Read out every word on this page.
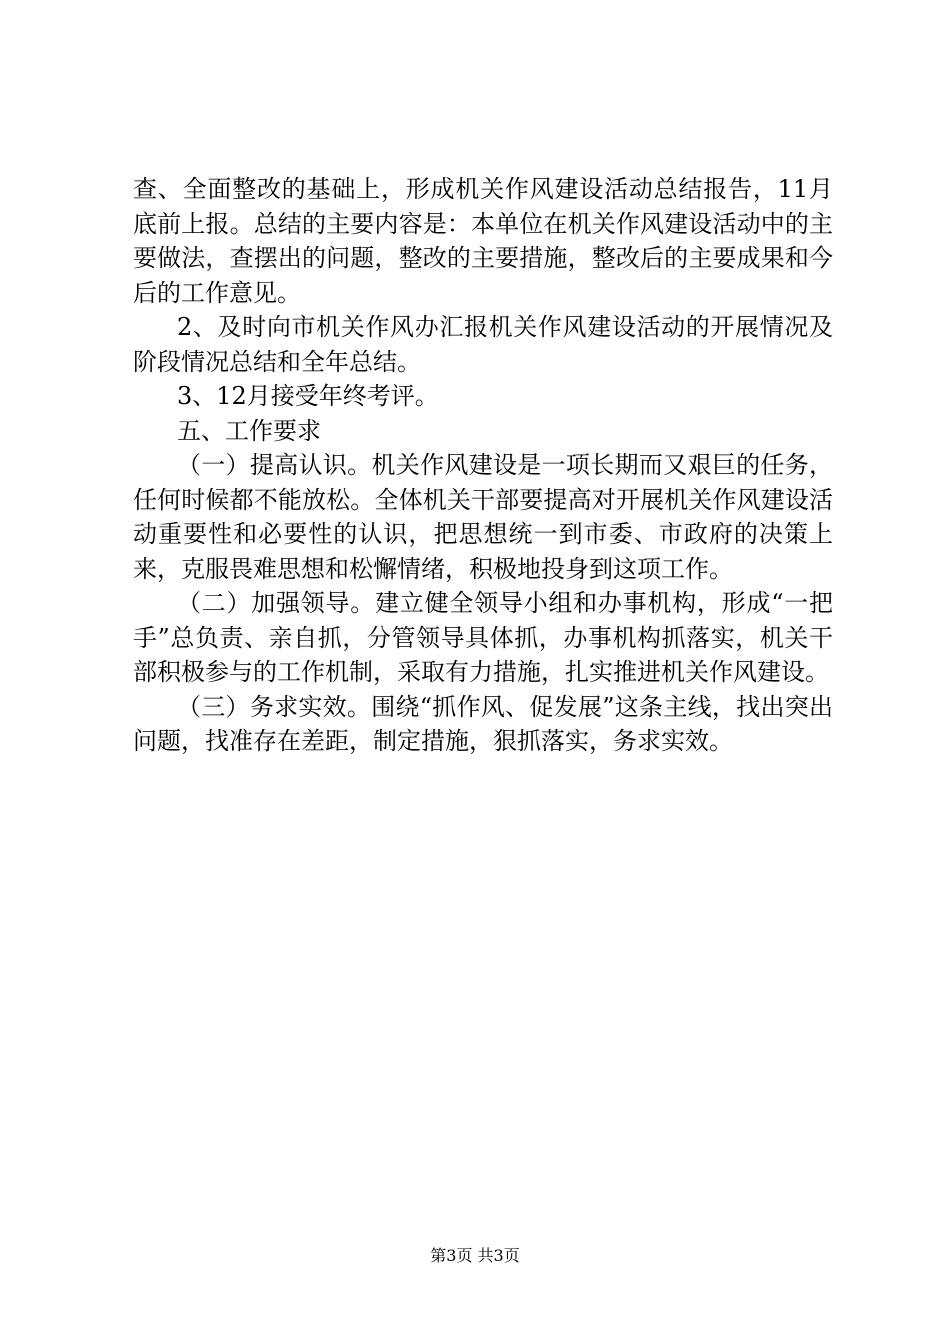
查、全面整改的基础上，形成机关作风建设活动总结报告，11月底前上报。总结的主要内容是：本单位在机关作风建设活动中的主要做法，查摆出的问题，整改的主要措施，整改后的主要成果和今后的工作意见。

2、及时向市机关作风办汇报机关作风建设活动的开展情况及阶段情况总结和全年总结。

3、12月接受年终考评。

五、工作要求

（一）提高认识。机关作风建设是一项长期而又艰巨的任务，任何时候都不能放松。全体机关干部要提高对开展机关作风建设活动重要性和必要性的认识，把思想统一到市委、市政府的决策上来，克服畏难思想和松懈情绪，积极地投身到这项工作。

（二）加强领导。建立健全领导小组和办事机构，形成“一把手”总负责、亲自抓，分管领导具体抓，办事机构抓落实，机关干部积极参与的工作机制，采取有力措施，扎实推进机关作风建设。

（三）务求实效。围绕“抓作风、促发展”这条主线，找出突出问题，找准存在差距，制定措施，狠抓落实，务求实效。

第3页 共3页
